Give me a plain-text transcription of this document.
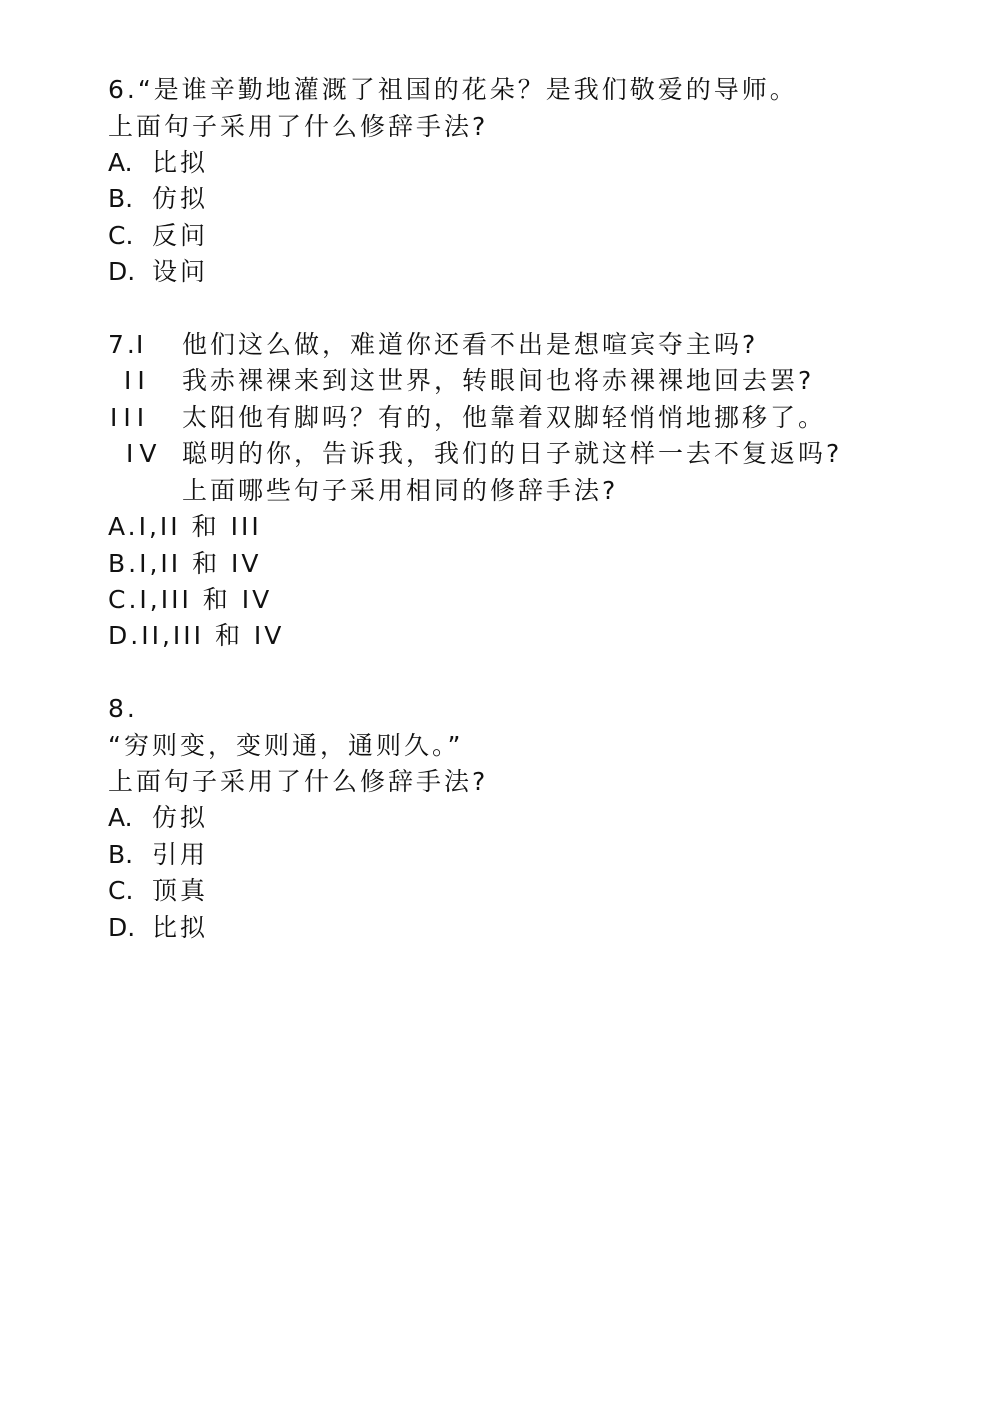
6.“是谁辛勤地灌溉了祖国的花朵？是我们敬爱的导师。
上面句子采用了什么修辞手法?
A. 比拟
B. 仿拟
C. 反问
D. 设问
7.
I 他们这么做，难道你还看不出是想喧宾夺主吗?
II 我赤裸裸来到这世界，转眼间也将赤裸裸地回去罢?
III 太阳他有脚吗？有的，他靠着双脚轻悄悄地挪移了。
IV 聪明的你，告诉我，我们的日子就这样一去不复返吗?
上面哪些句子采用相同的修辞手法?
A.I,II 和 III
B.I,II 和 IV
C.I,III 和 IV
D.II,III 和 IV
8.
“穷则变，变则通，通则久。”
上面句子采用了什么修辞手法?
A. 仿拟
B. 引用
C. 顶真
D. 比拟
